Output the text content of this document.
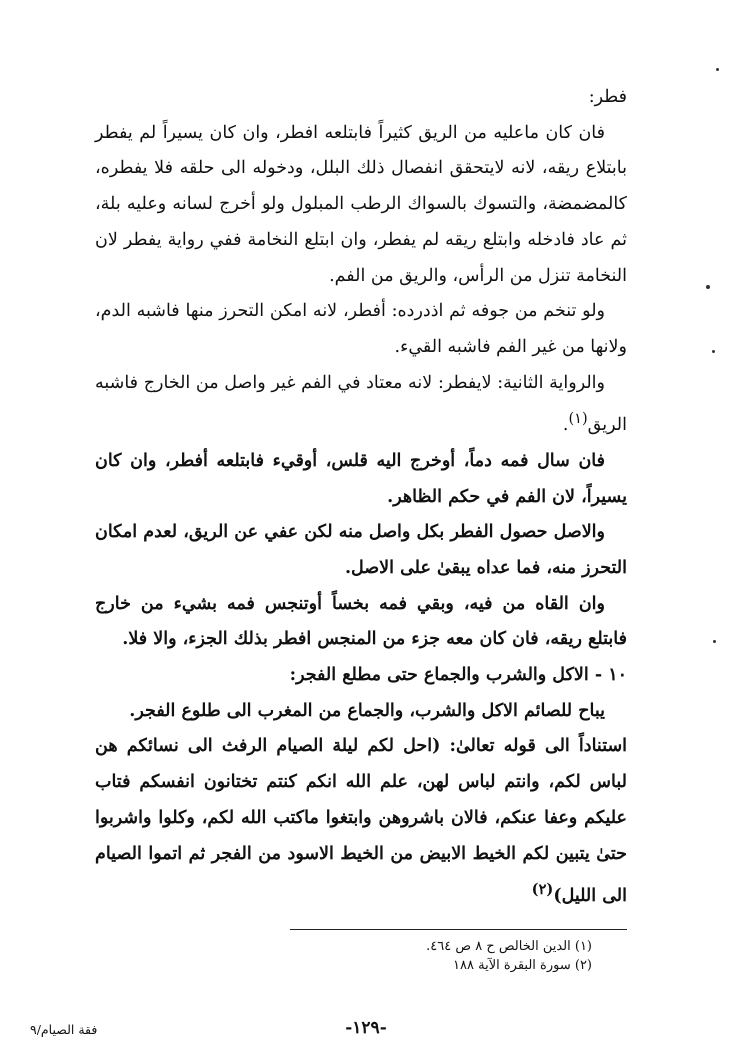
فطر:

فان كان ماعليه من الريق كثيراً فابتلعه افطر، وان كان يسيراً لم يفطر بابتلاع ريقه، لانه لايتحقق انفصال ذلك البلل، ودخوله الى حلقه فلا يفطره، كالمضمضة، والتسوك بالسواك الرطب المبلول ولو أخرج لسانه وعليه بلة، ثم عاد فادخله وابتلع ريقه لم يفطر، وان ابتلع النخامة ففي رواية يفطر لان النخامة تنزل من الرأس، والريق من الفم.

ولو تنخم من جوفه ثم اذدرده: أفطر، لانه امكن التحرز منها فاشبه الدم، ولانها من غير الفم فاشبه القيء.

والرواية الثانية: لايفطر: لانه معتاد في الفم غير واصل من الخارج فاشبه الريق$^{(١)}$.

فان سال فمه دماً، أوخرج اليه قلس، أوقيء فابتلعه أفطر، وان كان يسيراً، لان الفم في حكم الظاهر.

والاصل حصول الفطر بكل واصل منه لكن عفي عن الريق، لعدم امكان التحرز منه، فما عداه يبقىٰ على الاصل.

وان القاه من فيه، وبقي فمه بخساً أوتنجس فمه بشيء من خارج فابتلع ريقه، فان كان معه جزء من المنجس افطر بذلك الجزء، والا فلا.

١٠ - الاكل والشرب والجماع حتى مطلع الفجر:

يباح للصائم الاكل والشرب، والجماع من المغرب الى طلوع الفجر.

استناداً الى قوله تعالىٰ: (احل لكم ليلة الصيام الرفث الى نسائكم هن لباس لكم، وانتم لباس لهن، علم الله انكم كنتم تختانون انفسكم فتاب عليكم وعفا عنكم، فالان باشروهن وابتغوا ماكتب الله لكم، وكلوا واشربوا حتىٰ يتبين لكم الخيط الابيض من الخيط الاسود من الفجر ثم اتموا الصيام الى الليل)$^{(٢)}$

(١) الدين الخالص ح ٨ ص ٤٦٤.
(٢) سورة البقرة الآية ١٨٨
-١٢٩-
فقة الصيام/٩
